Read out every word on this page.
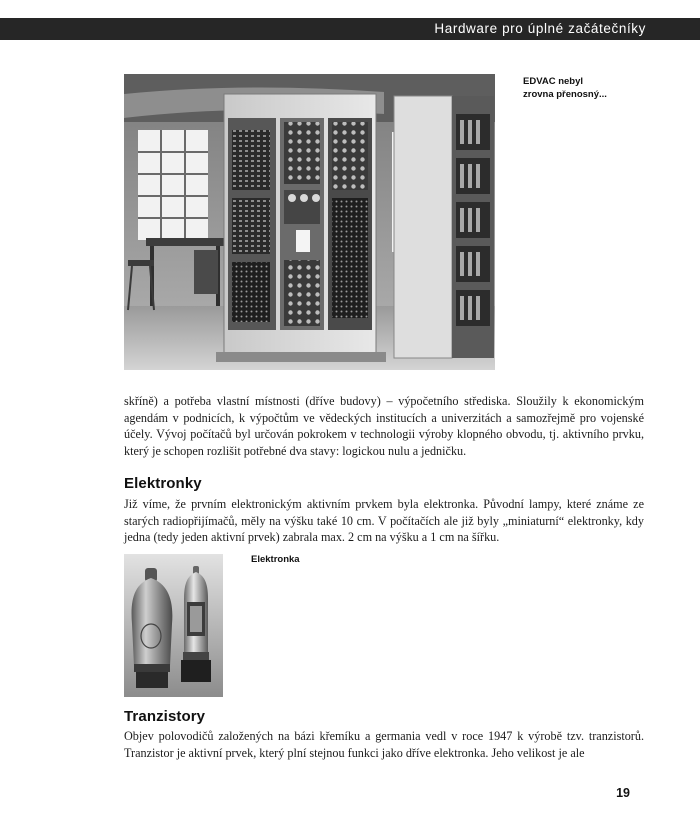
Hardware pro úplné začátečníky
EDVAC nebyl zrovna přenosný...

skříně) a potřeba vlastní místnosti (dříve budovy) – výpočetního střediska. Sloužily k ekonomickým agendám v podnicích, k výpočtům ve vědeckých institucích a univerzitách a samozřejmě pro vojenské účely. Vývoj počítačů byl určován pokrokem v technologii výroby klopného obvodu, tj. aktivního prvku, který je schopen rozlišit potřebné dva stavy: logickou nulu a jedničku.

Elektronky

Již víme, že prvním elektronickým aktivním prvkem byla elektronka. Původní lampy, které známe ze starých radiopřijímačů, měly na výšku také 10 cm. V počítačích ale již byly „miniaturní“ elektronky, kdy jedna (tedy jeden aktivní prvek) zabrala max. 2 cm na výšku a 1 cm na šířku.

Elektronka
Tranzistory

Objev polovodičů založených na bázi křemíku a germania vedl v roce 1947 k výrobě tzv. tranzistorů. Tranzistor je aktivní prvek, který plní stejnou funkci jako dříve elektronka. Jeho velikost je ale

19
